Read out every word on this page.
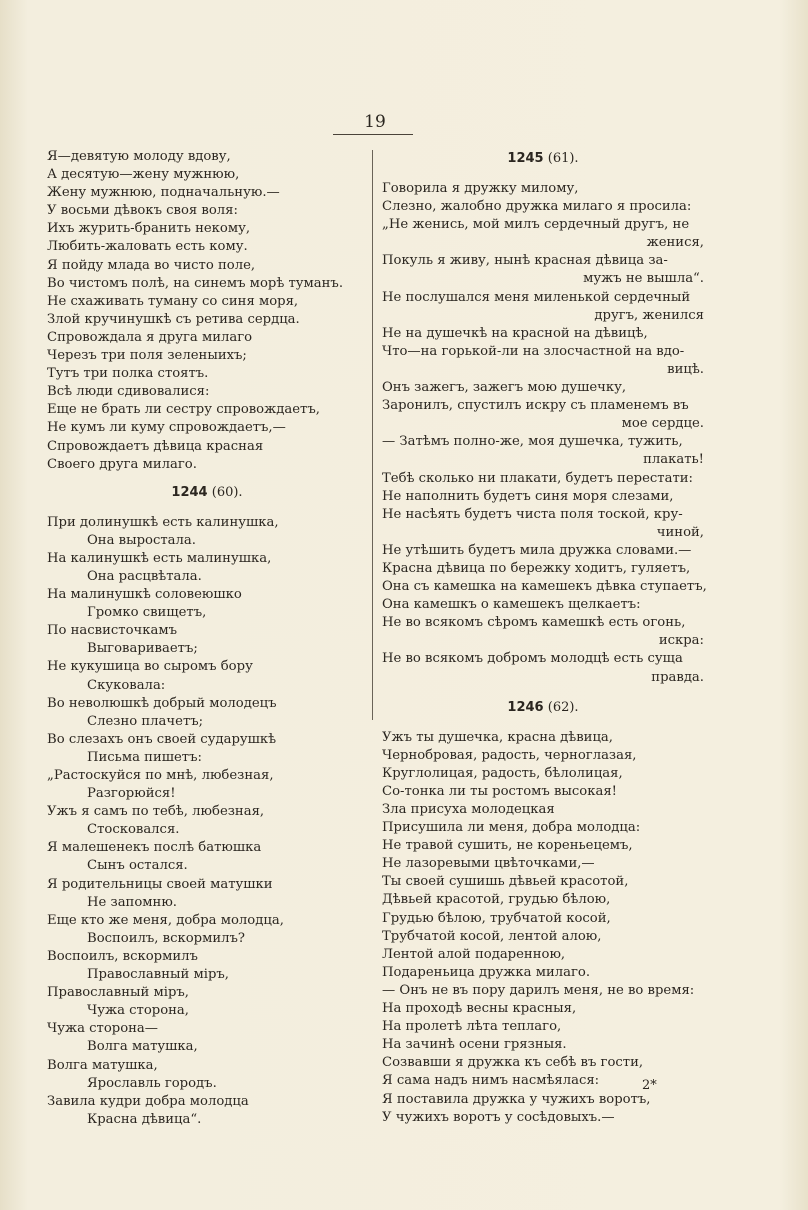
19
Я—девятую молоду вдову,
А десятую—жену мужнюю,
Жену мужнюю, подначальную.—
У восьми дѣвокъ своя воля:
Ихъ журить-бранить некому,
Любить-жаловать есть кому.
Я пойду млада во чисто поле,
Во чистомъ полѣ, на синемъ морѣ туманъ.
Не схаживать туману со синя моря,
Злой кручинушкѣ съ ретива сердца.
Спровождала я друга милаго
Черезъ три поля зеленыихъ;
Тутъ три полка стоятъ.
Всѣ люди сдивовалися:
Еще не брать ли сестру спровождаетъ,
Не кумъ ли куму спровождаетъ,—
Спровождаетъ дѣвица красная
Своего друга милаго.
1244 (60).
При долинушкѣ есть калинушка,
Она выростала.
На калинушкѣ есть малинушка,
Она расцвѣтала.
На малинушкѣ соловеюшко
Громко свищетъ,
По насвисточкамъ
Выговариваетъ;
Не кукушица во сыромъ бору
Скуковала:
Во неволюшкѣ добрый молодецъ
Слезно плачетъ;
Во слезахъ онъ своей сударушкѣ
Письма пишетъ:
„Растоскуйся по мнѣ, любезная,
Разгорюйся!
Ужъ я самъ по тебѣ, любезная,
Стосковался.
Я малешенекъ послѣ батюшка
Сынъ остался.
Я родительницы своей матушки
Не запомню.
Еще кто же меня, добра молодца,
Воспоилъ, вскормилъ?
Воспоилъ, вскормилъ
Православный міръ,
Православный міръ,
Чужа сторона,
Чужа сторона—
Волга матушка,
Волга матушка,
Ярославль городъ.
Завила кудри добра молодца
Красна дѣвица“.
1245 (61).
Говорила я дружку милому,
Слезно, жалобно дружка милаго я просила:
„Не женись, мой милъ сердечный другъ, не
женися,
Покуль я живу, нынѣ красная дѣвица за-
мужъ не вышла“.
Не послушался меня миленькой сердечный
другъ, женился
Не на душечкѣ на красной на дѣвицѣ,
Что—на горькой-ли на злосчастной на вдо-
вицѣ.
Онъ зажегъ, зажегъ мою душечку,
Заронилъ, спустилъ искру съ пламенемъ въ
мое сердце.
— Затѣмъ полно-же, моя душечка, тужить,
плакать!
Тебѣ сколько ни плакати, будетъ перестати:
Не наполнить будетъ синя моря слезами,
Не насѣять будетъ чиста поля тоской, кру-
чиной,
Не утѣшить будетъ мила дружка словами.—
Красна дѣвица по бережку ходитъ, гуляетъ,
Она съ камешка на камешекъ дѣвка ступаетъ,
Она камешкъ о камешекъ щелкаетъ:
Не во всякомъ сѣромъ камешкѣ есть огонь,
искра:
Не во всякомъ добромъ молодцѣ есть суща
правда.
1246 (62).
Ужъ ты душечка, красна дѣвица,
Чернобровая, радость, черноглазая,
Круглолицая, радость, бѣлолицая,
Со-тонка ли ты ростомъ высокая!
Зла присуха молодецкая
Присушила ли меня, добра молодца:
Не травой сушить, не кореньецемъ,
Не лазоревыми цвѣточками,—
Ты своей сушишь дѣвьей красотой,
Дѣвьей красотой, грудью бѣлою,
Грудью бѣлою, трубчатой косой,
Трубчатой косой, лентой алою,
Лентой алой подаренною,
Подареньица дружка милаго.
— Онъ не въ пору дарилъ меня, не во время:
На проходѣ весны красныя,
На пролетѣ лѣта теплаго,
На зачинѣ осени грязныя.
Созвавши я дружка къ себѣ въ гости,
Я сама надъ нимъ насмѣялася:
Я поставила дружка у чужихъ воротъ,
У чужихъ воротъ у сосѣдовыхъ.—
2*
